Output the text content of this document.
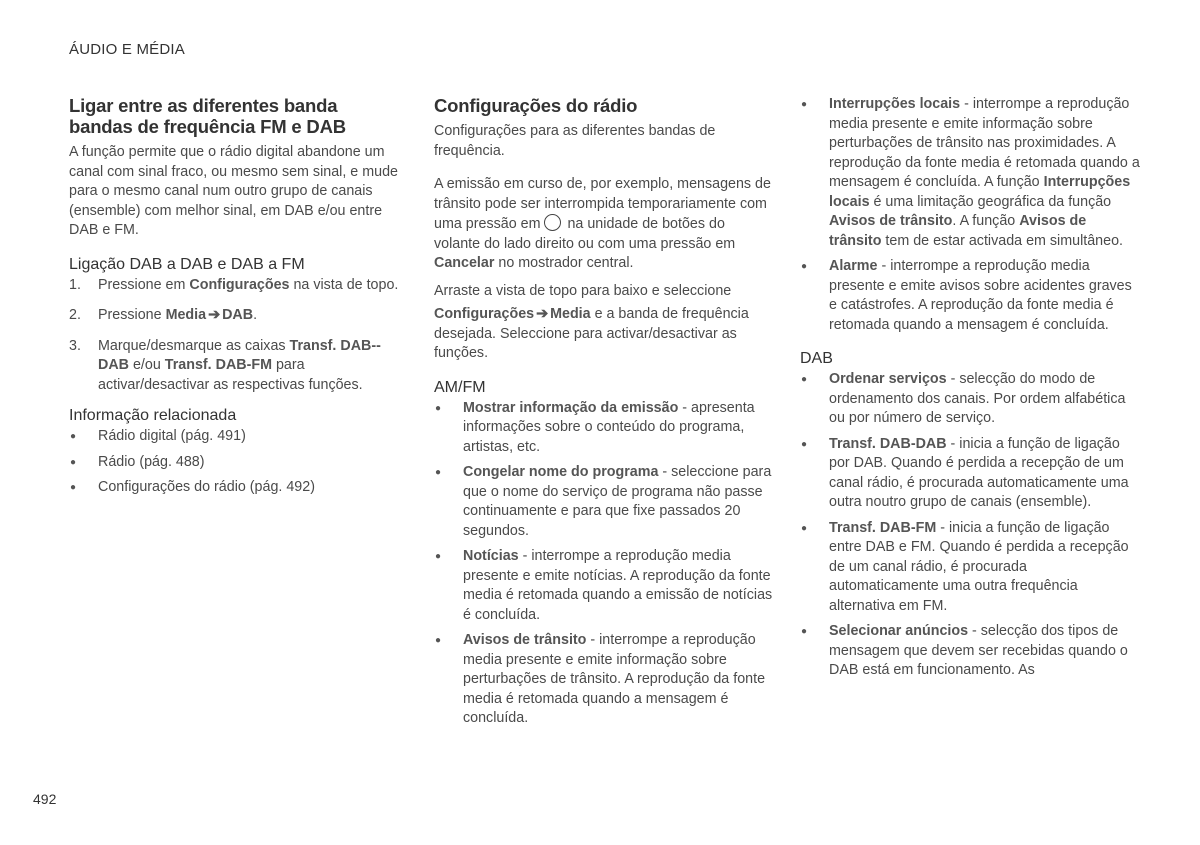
ÁUDIO E MÉDIA
Ligar entre as diferentes banda bandas de frequência FM e DAB

A função permite que o rádio digital abandone um canal com sinal fraco, ou mesmo sem sinal, e mude para o mesmo canal num outro grupo de canais (ensemble) com melhor sinal, em DAB e/ou entre DAB e FM.

Ligação DAB a DAB e DAB a FM
1. Pressione em Configurações na vista de topo.
2. Pressione Media ➔ DAB.
3. Marque/desmarque as caixas Transf. DAB--DAB e/ou Transf. DAB-FM para activar/desactivar as respectivas funções.
Informação relacionada
● Rádio digital (pág. 491)
● Rádio (pág. 488)
● Configurações do rádio (pág. 492)
Configurações do rádio

Configurações para as diferentes bandas de frequência.

A emissão em curso de, por exemplo, mensagens de trânsito pode ser interrompida temporariamente com uma pressão em na unidade de botões do volante do lado direito ou com uma pressão em Cancelar no mostrador central.

Arraste a vista de topo para baixo e seleccione

Configurações ➔ Media e a banda de frequência desejada. Seleccione para activar/desactivar as funções.

AM/FM
● Mostrar informação da emissão - apresenta informações sobre o conteúdo do programa, artistas, etc.
● Congelar nome do programa - seleccione para que o nome do serviço de programa não passe continuamente e para que fixe passados 20 segundos.
● Notícias - interrompe a reprodução media presente e emite notícias. A reprodução da fonte media é retomada quando a emissão de notícias é concluída.
● Avisos de trânsito - interrompe a reprodução media presente e emite informação sobre perturbações de trânsito. A reprodução da fonte media é retomada quando a mensagem é concluída.
● Interrupções locais - interrompe a reprodução media presente e emite informação sobre perturbações de trânsito nas proximidades. A reprodução da fonte media é retomada quando a mensagem é concluída. A função Interrupções locais é uma limitação geográfica da função Avisos de trânsito. A função Avisos de trânsito tem de estar activada em simultâneo.
● Alarme - interrompe a reprodução media presente e emite avisos sobre acidentes graves e catástrofes. A reprodução da fonte media é retomada quando a mensagem é concluída.
DAB
● Ordenar serviços - selecção do modo de ordenamento dos canais. Por ordem alfabética ou por número de serviço.
● Transf. DAB-DAB - inicia a função de ligação por DAB. Quando é perdida a recepção de um canal rádio, é procurada automaticamente uma outra noutro grupo de canais (ensemble).
● Transf. DAB-FM - inicia a função de ligação entre DAB e FM. Quando é perdida a recepção de um canal rádio, é procurada automaticamente uma outra frequência alternativa em FM.
● Selecionar anúncios - selecção dos tipos de mensagem que devem ser recebidas quando o DAB está em funcionamento. As
492
